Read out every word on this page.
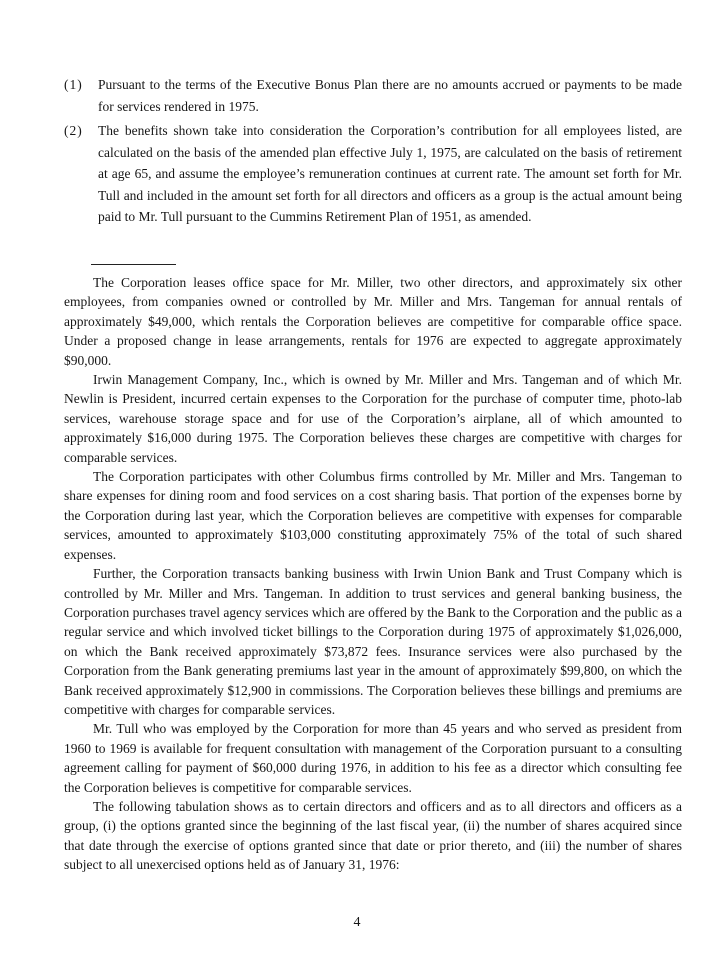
(1)	Pursuant to the terms of the Executive Bonus Plan there are no amounts accrued or payments to be made for services rendered in 1975.
(2)	The benefits shown take into consideration the Corporation’s contribution for all employees listed, are calculated on the basis of the amended plan effective July 1, 1975, are calculated on the basis of retirement at age 65, and assume the employee’s remuneration continues at current rate. The amount set forth for Mr. Tull and included in the amount set forth for all directors and officers as a group is the actual amount being paid to Mr. Tull pursuant to the Cummins Retirement Plan of 1951, as amended.

The Corporation leases office space for Mr. Miller, two other directors, and approximately six other employees, from companies owned or controlled by Mr. Miller and Mrs. Tangeman for annual rentals of approximately $49,000, which rentals the Corporation believes are competitive for comparable office space. Under a proposed change in lease arrangements, rentals for 1976 are expected to aggregate approximately $90,000.

Irwin Management Company, Inc., which is owned by Mr. Miller and Mrs. Tangeman and of which Mr. Newlin is President, incurred certain expenses to the Corporation for the purchase of computer time, photo-lab services, warehouse storage space and for use of the Corporation’s airplane, all of which amounted to approximately $16,000 during 1975. The Corporation believes these charges are competitive with charges for comparable services.

The Corporation participates with other Columbus firms controlled by Mr. Miller and Mrs. Tangeman to share expenses for dining room and food services on a cost sharing basis. That portion of the expenses borne by the Corporation during last year, which the Corporation believes are competitive with expenses for comparable services, amounted to approximately $103,000 constituting approximately 75% of the total of such shared expenses.

Further, the Corporation transacts banking business with Irwin Union Bank and Trust Company which is controlled by Mr. Miller and Mrs. Tangeman. In addition to trust services and general banking business, the Corporation purchases travel agency services which are offered by the Bank to the Corporation and the public as a regular service and which involved ticket billings to the Corporation during 1975 of approximately $1,026,000, on which the Bank received approximately $73,872 fees. Insurance services were also purchased by the Corporation from the Bank generating premiums last year in the amount of approximately $99,800, on which the Bank received approximately $12,900 in commissions. The Corporation believes these billings and premiums are competitive with charges for comparable services.

Mr. Tull who was employed by the Corporation for more than 45 years and who served as president from 1960 to 1969 is available for frequent consultation with management of the Corporation pursuant to a consulting agreement calling for payment of $60,000 during 1976, in addition to his fee as a director which consulting fee the Corporation believes is competitive for comparable services.

The following tabulation shows as to certain directors and officers and as to all directors and officers as a group, (i) the options granted since the beginning of the last fiscal year, (ii) the number of shares acquired since that date through the exercise of options granted since that date or prior thereto, and (iii) the number of shares subject to all unexercised options held as of January 31, 1976:

4
